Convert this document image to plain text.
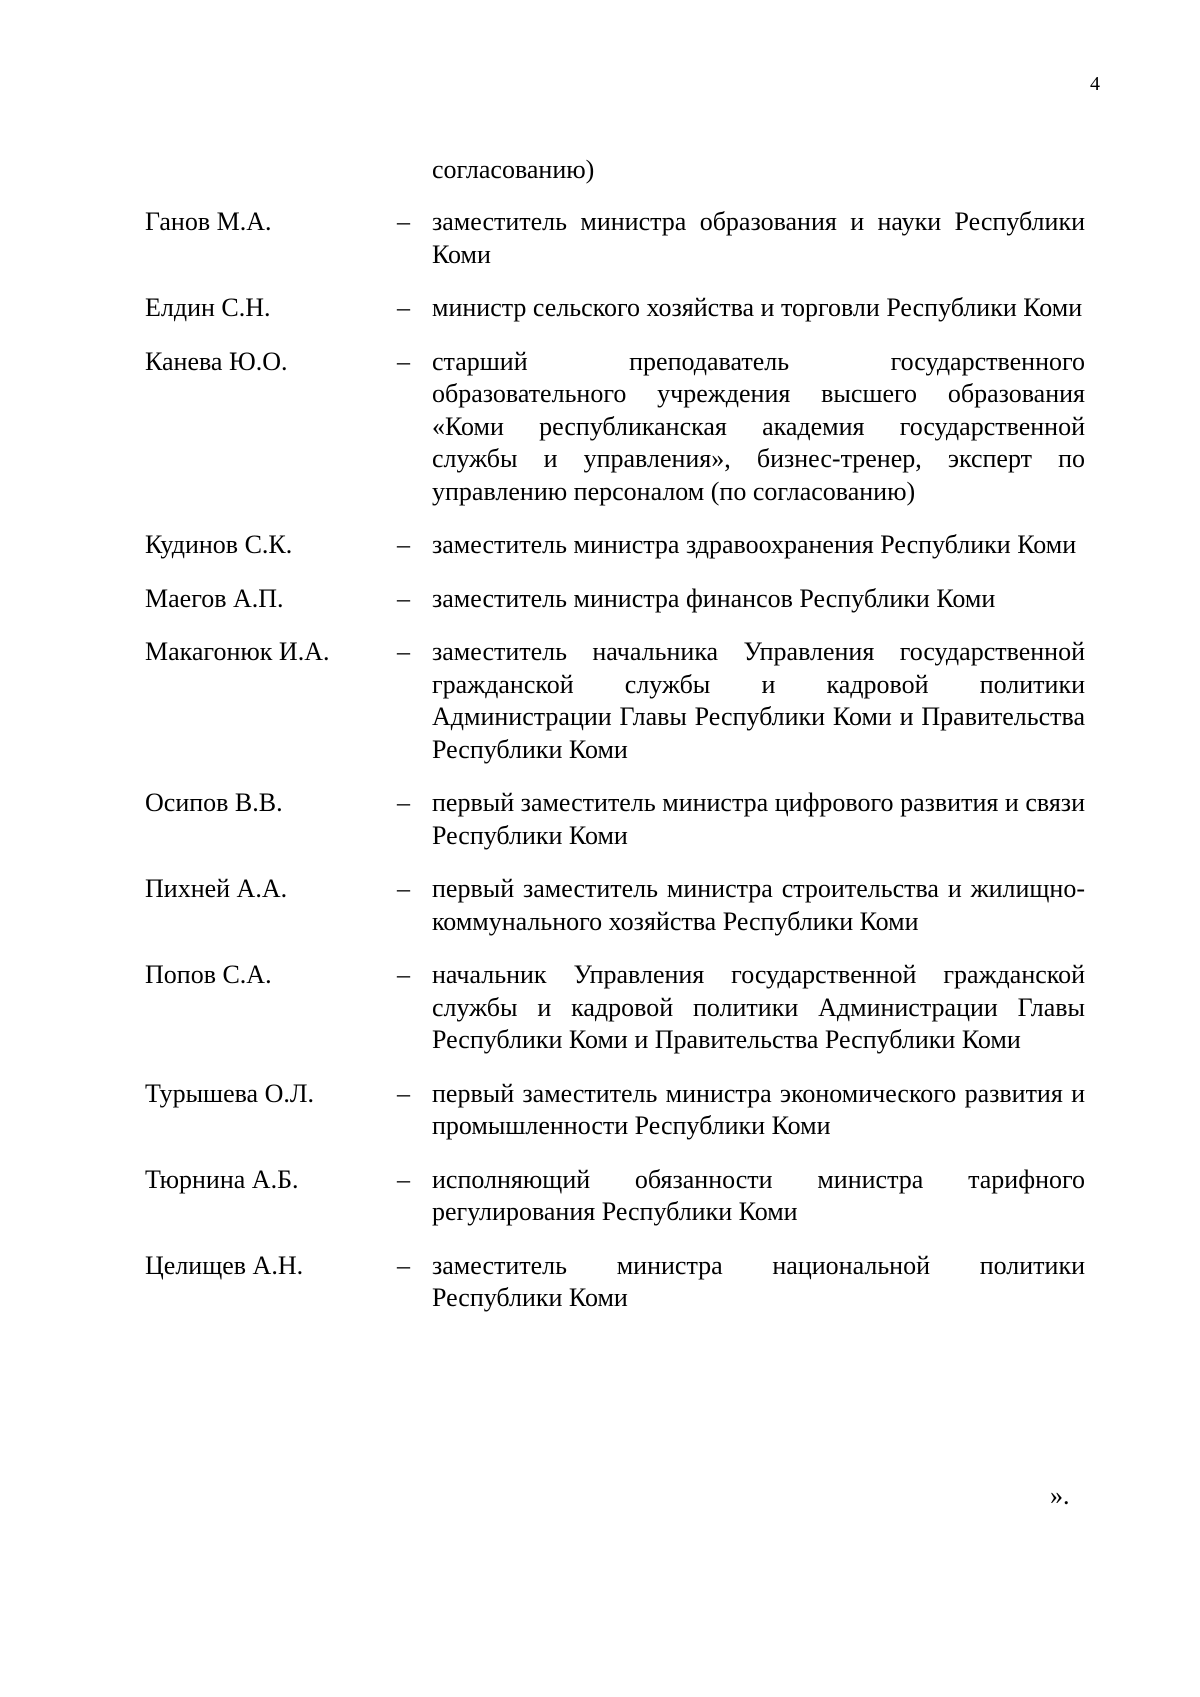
4
согласованию)
Ганов М.А.	– заместитель министра образования и науки Республики Коми
Елдин С.Н.	– министр сельского хозяйства и торговли Республики Коми
Канева Ю.О.	– старший преподаватель государственного образовательного учреждения высшего образования «Коми республиканская академия государственной службы и управления», бизнес-тренер, эксперт по управлению персоналом (по согласованию)
Кудинов С.К.	– заместитель министра здравоохранения Республики Коми
Маегов А.П.	– заместитель министра финансов Республики Коми
Макагонюк И.А.	– заместитель начальника Управления государственной гражданской службы и кадровой политики Администрации Главы Республики Коми и Правительства Республики Коми
Осипов В.В.	– первый заместитель министра цифрового развития и связи Республики Коми
Пихней А.А.	– первый заместитель министра строительства и жилищно-коммунального хозяйства Республики Коми
Попов С.А.	– начальник Управления государственной гражданской службы и кадровой политики Администрации Главы Республики Коми и Правительства Республики Коми
Турышева О.Л.	– первый заместитель министра экономического развития и промышленности Республики Коми
Тюрнина А.Б.	– исполняющий обязанности министра тарифного регулирования Республики Коми
Целищев А.Н.	– заместитель министра национальной политики Республики Коми
».
